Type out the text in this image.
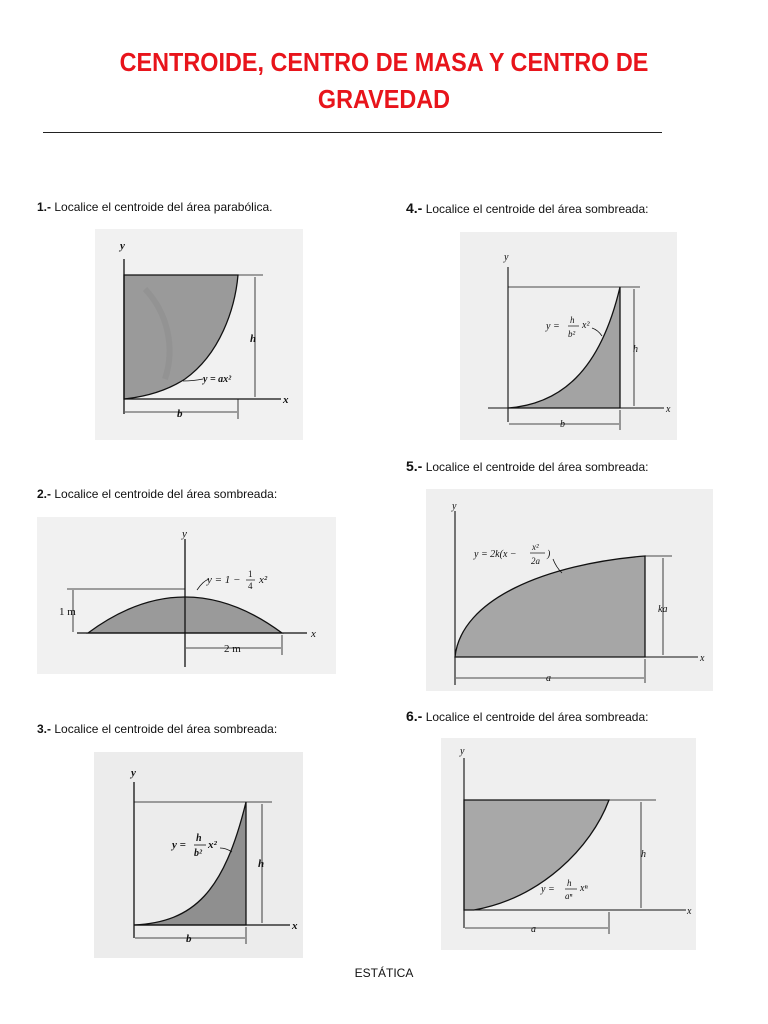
CENTROIDE, CENTRO DE MASA Y CENTRO DE
GRAVEDAD
1.- Localice el centroide del área parabólica.
y
x
h
b
y = ax²
2.- Localice el centroide del área sombreada:
y
x
1 m
2 m
y = 1 − 1
4 x²
3.- Localice el centroide del área sombreada:
y
x
h
b
y =
h
b²
x²
4.- Localice el centroide del área sombreada:
y
x
h
b
y =
h
b²
x²
5.- Localice el centroide del área sombreada:
y
x
ka
a
y = 2k(x −
x²
2a
)
6.- Localice el centroide del área sombreada:
y
x
h
a
y =
h
aⁿ
xⁿ
ESTÁTICA
